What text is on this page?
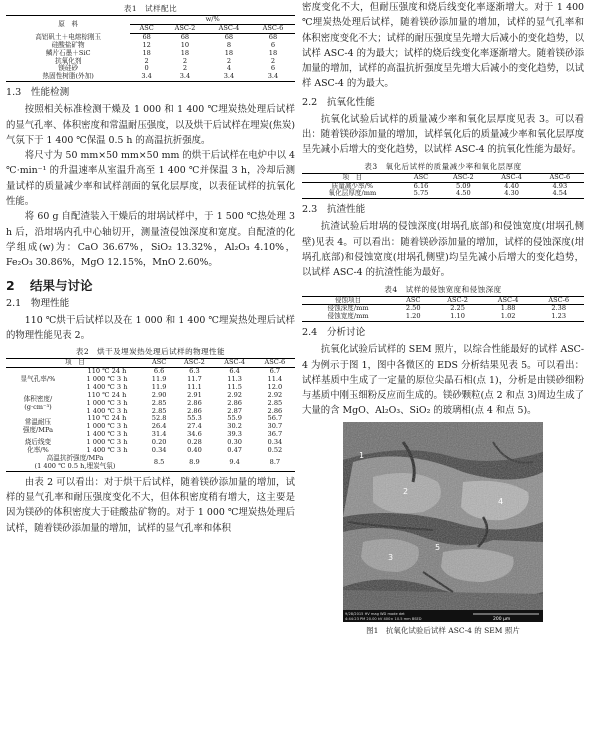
表1　试样配比
原　料	w/%			
	ASC	ASC-2	ASC-4	ASC-6
高铝矾土＋电熔棕刚玉	68	68	68	68
硅酸盐矿物	12	10	8	6
鳞片石墨＋SiC	18	18	18	18
抗氧化剂	2	2	2	2
镁硅砂	0	2	4	6
热固性树脂(外加)	3.4	3.4	3.4	3.4
1.3　性能检测

按照相关标准检测干燥及 1 000 和 1 400 ℃埋炭热处理后试样的显气孔率、体积密度和常温耐压强度，以及烘干后试样在埋炭(焦炭)气氛下于 1 400 ℃保温 0.5 h 的高温抗折强度。

将尺寸为 50 mm×50 mm×50 mm 的烘干后试样在电炉中以 4 ℃·min⁻¹ 的升温速率从室温升高至 1 400 ℃并保温 3 h，冷却后测量试样的质量减少率和试样剖面的氧化层厚度，以表征试样的抗氧化性能。

将 60 g 自配渣装入干燥后的坩埚试样中，于 1 500 ℃热处理 3 h 后，沿坩埚内孔中心轴切开，测量渣侵蚀深度和宽度。自配渣的化学组成(w)为：CaO 36.67%，SiO₂ 13.32%，Al₂O₃ 4.10%，Fe₂O₃ 30.86%，MgO 12.15%，MnO 2.60%。

2 结果与讨论
2.1　物理性能

110 ℃烘干后试样以及在 1 000 和 1 400 ℃埋炭热处理后试样的物理性能见表 2。

表2　烘干及埋炭热处理后试样的物理性能
项　目		ASC	ASC-2	ASC-4	ASC-6

显气孔率/%	110 ℃ 24 h	6.6	6.3	6.4	6.7
	1 000 ℃ 3 h	11.9	11.7	11.3	11.4
	1 400 ℃ 3 h	11.9	11.1	11.5	12.0

体积密度/
(g·cm⁻³)	110 ℃ 24 h	2.90	2.91	2.92	2.92
	1 000 ℃ 3 h	2.85	2.86	2.86	2.85
	1 400 ℃ 3 h	2.85	2.86	2.87	2.86

常温耐压
强度/MPa	110 ℃ 24 h	52.8	55.3	55.9	56.7
	1 000 ℃ 3 h	26.4	27.4	30.2	30.7
	1 400 ℃ 3 h	31.4	34.6	39.3	36.7

烧后线变
化率/%	1 000 ℃ 3 h	0.20	0.28	0.30	0.34
	1 400 ℃ 3 h	0.34	0.40	0.47	0.52

高温抗折强度/MPa
(1 400 ℃ 0.5 h,埋炭气氛)		8.5	8.9	9.4	8.7

由表 2 可以看出：对于烘干后试样，随着镁砂添加量的增加，试样的显气孔率和耐压强度变化不大，但体积密度稍有增大，这主要是因为镁砂的体积密度大于硅酸盐矿物的。对于 1 000 ℃埋炭热处理后试样，随着镁砂添加量的增加，试样的显气孔率和体积

密度变化不大，但耐压强度和烧后线变化率逐渐增大。对于 1 400 ℃埋炭热处理后试样，随着镁砂添加量的增加，试样的显气孔率和体积密度变化不大；试样的耐压强度呈先增大后减小的变化趋势，以试样 ASC-4 的为最大；试样的烧后线变化率逐渐增大。随着镁砂添加量的增加，试样的高温抗折强度呈先增大后减小的变化趋势，以试样 ASC-4 的为最大。

2.2　抗氧化性能

抗氧化试验后试样的质量减少率和氧化层厚度见表 3。可以看出：随着镁砂添加量的增加，试样氧化后的质量减少率和氧化层厚度呈先减小后增大的变化趋势，以试样 ASC-4 的抗氧化性能为最好。

表3　氧化后试样的质量减少率和氧化层厚度
项　目	ASC	ASC-2	ASC-4	ASC-6
质量减少率/%	6.16	5.09	4.40	4.93
氧化层厚度/mm	5.75	4.50	4.30	4.54
2.3　抗渣性能

抗渣试验后坩埚的侵蚀深度(坩埚孔底部)和侵蚀宽度(坩埚孔侧壁)见表 4。可以看出：随着镁砂添加量的增加，试样的侵蚀深度(坩埚孔底部)和侵蚀宽度(坩埚孔侧壁)均呈先减小后增大的变化趋势，以试样 ASC-4 的抗渣性能为最好。

表4　试样的侵蚀宽度和侵蚀深度
侵蚀项目	ASC	ASC-2	ASC-4	ASC-6
侵蚀深度/mm	2.50	2.25	1.88	2.38
侵蚀宽度/mm	1.20	1.10	1.02	1.23
2.4　分析讨论

抗氧化试验后试样的 SEM 照片，以综合性能最好的试样 ASC-4 为例示于图 1，图中各微区的 EDS 分析结果见表 5。可以看出：试样基质中生成了一定量的原位尖晶石相(点 1)，分析是由镁砂细粉与基质中刚玉细粉反应而生成的。镁砂颗粒(点 2 和点 3)周边生成了大量的含 MgO、Al₂O₃、SiO₂ 的玻璃相(点 4 和点 5)。

1
2
3
4
5
9/28/2015 HV mag WD mode det
4:44:23 PM 20.00 kV 400× 10.5 mm BSED	200 μm
图1　抗氧化试验后试样 ASC-4 的 SEM 照片
